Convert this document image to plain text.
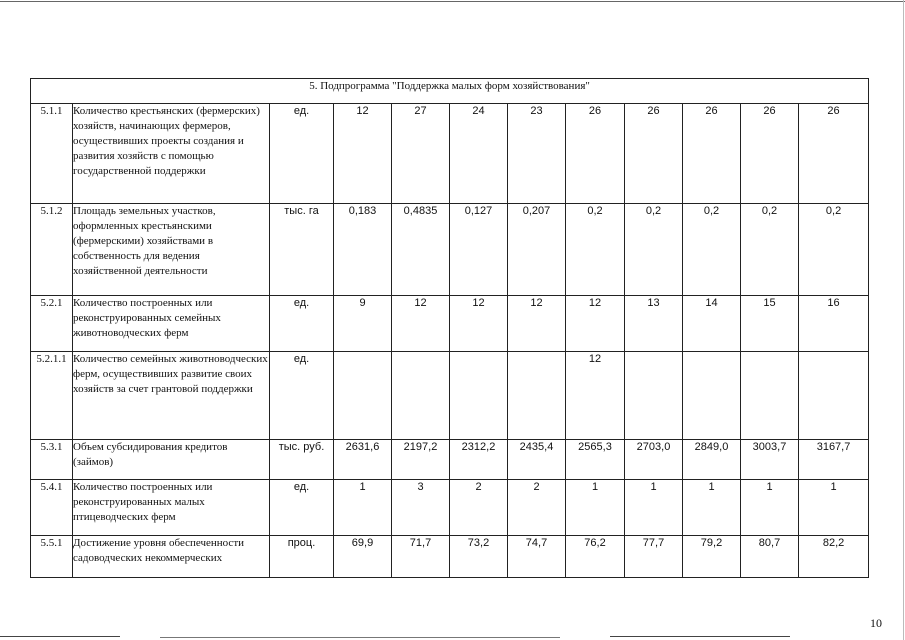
5. Подпрограмма "Поддержка малых форм хозяйствования"											
5.1.1	Количество крестьянских (фермерских) хозяйств, начинающих фермеров, осуществивших проекты создания и развития хозяйств с помощью государственной поддержки	ед.	12	27	24	23	26	26	26	26	26
5.1.2	Площадь земельных участков, оформленных крестьянскими (фермерскими) хозяйствами в собственность для ведения хозяйственной деятельности	тыс. га	0,183	0,4835	0,127	0,207	0,2	0,2	0,2	0,2	0,2
5.2.1	Количество построенных или реконструированных семейных животноводческих ферм	ед.	9	12	12	12	12	13	14	15	16
5.2.1.1	Количество семейных животноводческих ферм, осуществивших развитие своих хозяйств за счет грантовой поддержки	ед.					12				
5.3.1	Объем субсидирования кредитов (займов)	тыс. руб.	2631,6	2197,2	2312,2	2435,4	2565,3	2703,0	2849,0	3003,7	3167,7
5.4.1	Количество построенных или реконструированных малых птицеводческих ферм	ед.	1	3	2	2	1	1	1	1	1
5.5.1	Достижение уровня обеспеченности садоводческих некоммерческих	проц.	69,9	71,7	73,2	74,7	76,2	77,7	79,2	80,7	82,2
10
